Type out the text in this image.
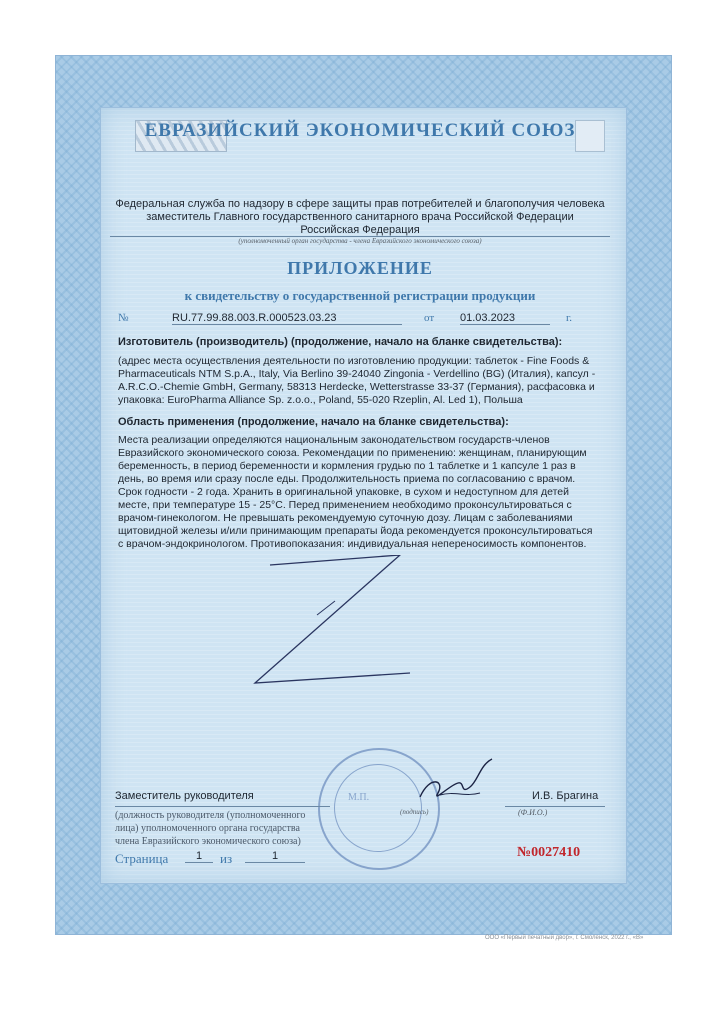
ЕВРАЗИЙСКИЙ ЭКОНОМИЧЕСКИЙ СОЮЗ
Федеральная служба по надзору в сфере защиты прав потребителей и благополучия человека
заместитель Главного государственного санитарного врача Российской Федерации
Российская Федерация
(уполномоченный орган государства - члена Евразийского экономического союза)
ПРИЛОЖЕНИЕ
к свидетельству о государственной регистрации продукции
№	RU.77.99.88.003.R.000523.03.23	от 01.03.2023	г.
Изготовитель (производитель) (продолжение, начало на бланке свидетельства):
(адрес места осуществления деятельности по изготовлению продукции: таблеток - Fine Foods &
Pharmaceuticals NTM S.p.A., Italy, Via Berlino 39-24040 Zingonia - Verdellino (BG) (Италия), капсул -
A.R.C.O.-Chemie GmbH, Germany, 58313 Herdecke, Wetterstrasse 33-37 (Германия), расфасовка и
упаковка: EuroPharma Alliance Sp. z.o.o., Poland, 55-020 Rzeplin, Al. Led 1), Польша
Область применения (продолжение, начало на бланке свидетельства):
Места реализации определяются национальным законодательством государств-членов
Евразийского экономического союза. Рекомендации по применению: женщинам, планирующим
беременность, в период беременности и кормления грудью по 1 таблетке и 1 капсуле 1 раз в
день, во время или сразу после еды. Продолжительность приема по согласованию с врачом.
Срок годности - 2 года. Хранить в оригинальной упаковке, в сухом и недоступном для детей
месте, при температуре 15 - 25°С. Перед применением необходимо проконсультироваться с
врачом-гинекологом. Не превышать рекомендуемую суточную дозу. Лицам с заболеваниями
щитовидной железы и/или принимающим препараты йода рекомендуется проконсультироваться
с врачом-эндокринологом. Противопоказания: индивидуальная непереносимость компонентов.
М.П.
Заместитель руководителя
(подпись)
И.В. Брагина
(Ф.И.О.)
(должность руководителя (уполномоченного
лица) уполномоченного органа государства
члена Евразийского экономического союза)
Страница	1	из	1	№0027410
ООО «Первый печатный двор», г. Смоленск, 2022 г., «В»
